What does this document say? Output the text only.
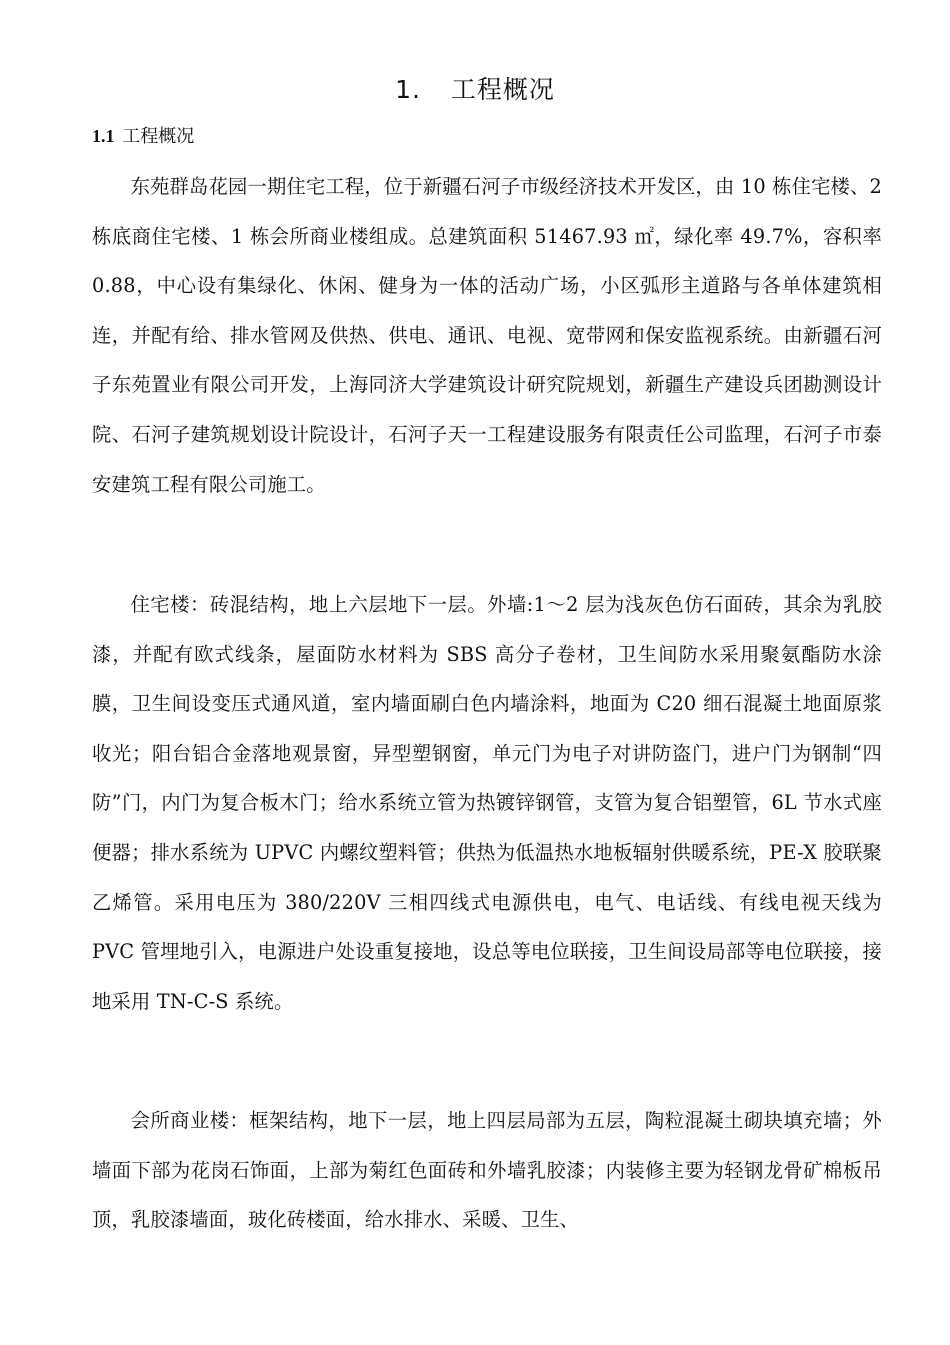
1. 工程概况
1.1 工程概况

东苑群岛花园一期住宅工程，位于新疆石河子市级经济技术开发区，由 10 栋住宅楼、2 栋底商住宅楼、1 栋会所商业楼组成。总建筑面积 51467.93 ㎡，绿化率 49.7%，容积率 0.88，中心设有集绿化、休闲、健身为一体的活动广场，小区弧形主道路与各单体建筑相连，并配有给、排水管网及供热、供电、通讯、电视、宽带网和保安监视系统。由新疆石河子东苑置业有限公司开发，上海同济大学建筑设计研究院规划，新疆生产建设兵团勘测设计院、石河子建筑规划设计院设计，石河子天一工程建设服务有限责任公司监理，石河子市泰安建筑工程有限公司施工。

住宅楼：砖混结构，地上六层地下一层。外墙:1～2 层为浅灰色仿石面砖，其余为乳胶漆，并配有欧式线条，屋面防水材料为 SBS 高分子卷材，卫生间防水采用聚氨酯防水涂膜，卫生间设变压式通风道，室内墙面刷白色内墙涂料，地面为 C20 细石混凝土地面原浆收光；阳台铝合金落地观景窗，异型塑钢窗，单元门为电子对讲防盗门，进户门为钢制“四防”门，内门为复合板木门；给水系统立管为热镀锌钢管，支管为复合铝塑管，6L 节水式座便器；排水系统为 UPVC 内螺纹塑料管；供热为低温热水地板辐射供暖系统，PE-X 胶联聚乙烯管。采用电压为 380/220V 三相四线式电源供电，电气、电话线、有线电视天线为 PVC 管埋地引入，电源进户处设重复接地，设总等电位联接，卫生间设局部等电位联接，接地采用 TN-C-S 系统。

会所商业楼：框架结构，地下一层，地上四层局部为五层，陶粒混凝土砌块填充墙；外墙面下部为花岗石饰面，上部为菊红色面砖和外墙乳胶漆；内装修主要为轻钢龙骨矿棉板吊顶，乳胶漆墙面，玻化砖楼面，给水排水、采暖、卫生、
